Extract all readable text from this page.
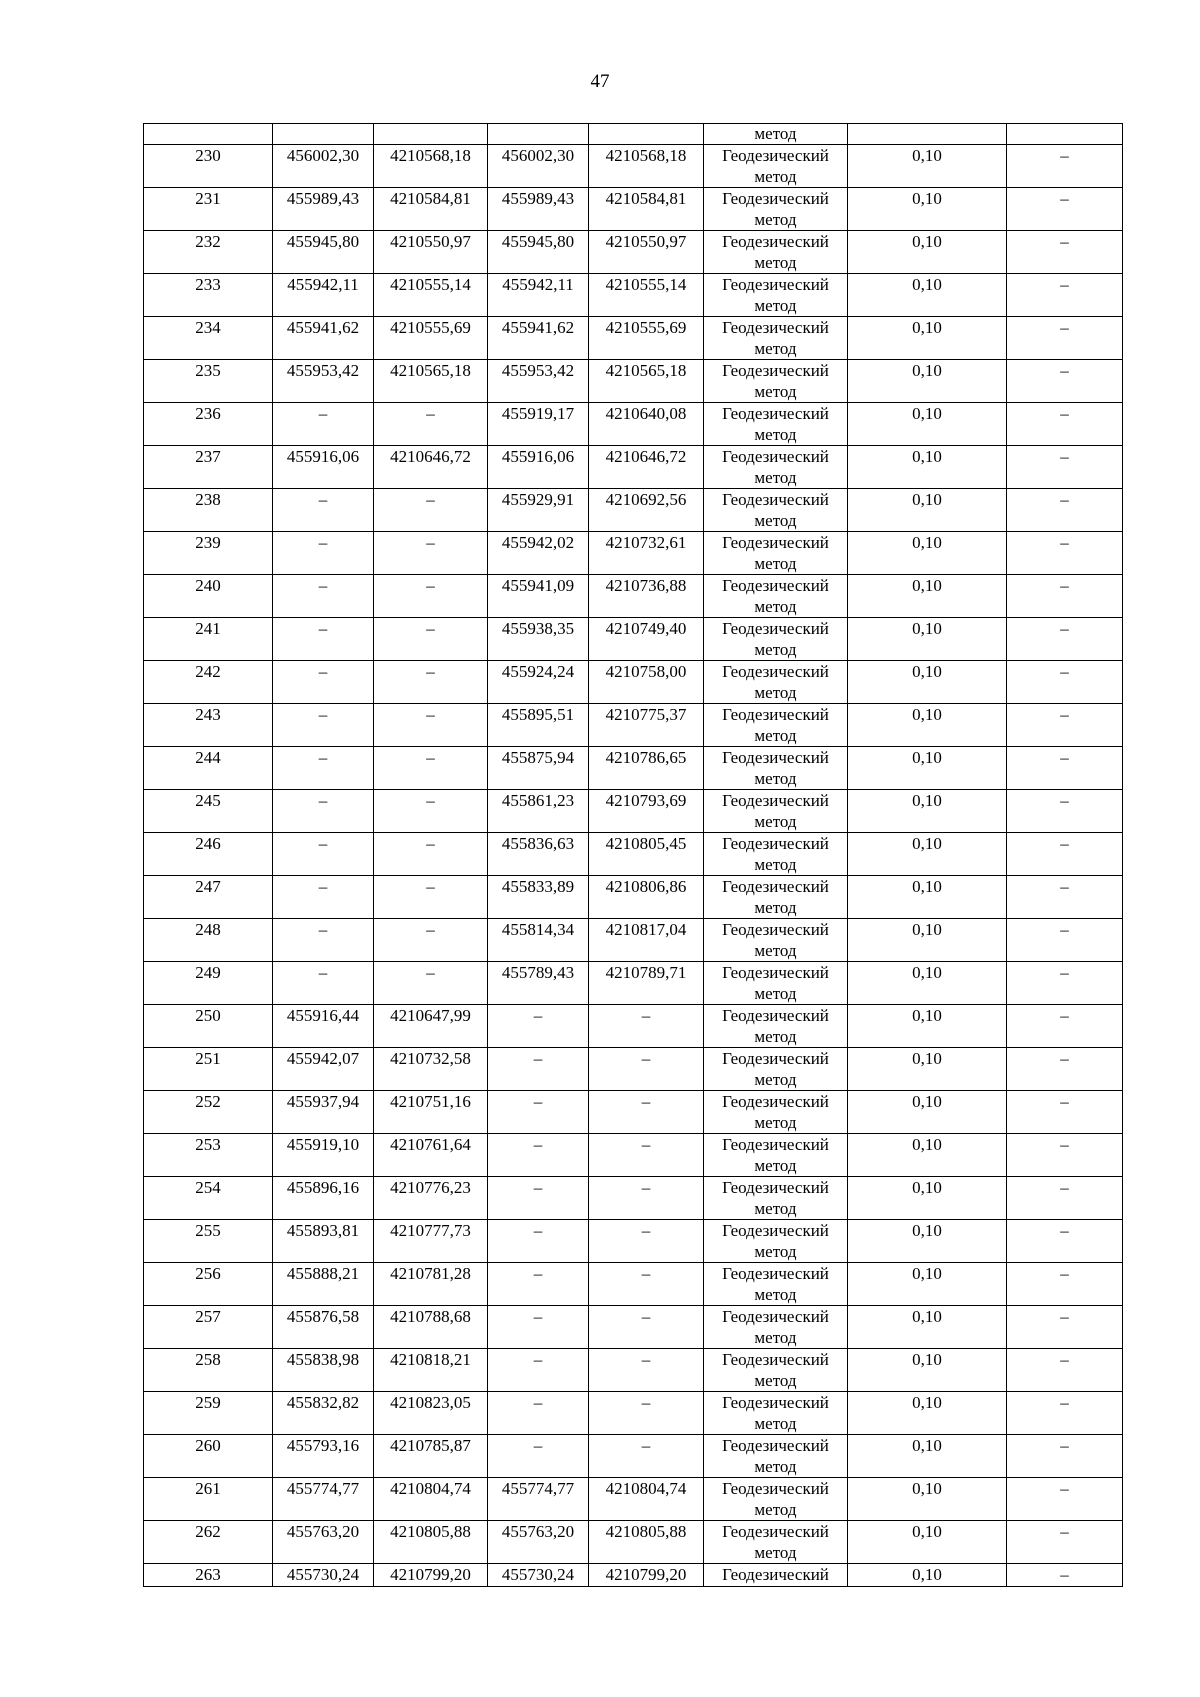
47
					метод		
230	456002,30	4210568,18	456002,30	4210568,18	Геодезический метод	0,10	–
231	455989,43	4210584,81	455989,43	4210584,81	Геодезический метод	0,10	–
232	455945,80	4210550,97	455945,80	4210550,97	Геодезический метод	0,10	–
233	455942,11	4210555,14	455942,11	4210555,14	Геодезический метод	0,10	–
234	455941,62	4210555,69	455941,62	4210555,69	Геодезический метод	0,10	–
235	455953,42	4210565,18	455953,42	4210565,18	Геодезический метод	0,10	–
236	–	–	455919,17	4210640,08	Геодезический метод	0,10	–
237	455916,06	4210646,72	455916,06	4210646,72	Геодезический метод	0,10	–
238	–	–	455929,91	4210692,56	Геодезический метод	0,10	–
239	–	–	455942,02	4210732,61	Геодезический метод	0,10	–
240	–	–	455941,09	4210736,88	Геодезический метод	0,10	–
241	–	–	455938,35	4210749,40	Геодезический метод	0,10	–
242	–	–	455924,24	4210758,00	Геодезический метод	0,10	–
243	–	–	455895,51	4210775,37	Геодезический метод	0,10	–
244	–	–	455875,94	4210786,65	Геодезический метод	0,10	–
245	–	–	455861,23	4210793,69	Геодезический метод	0,10	–
246	–	–	455836,63	4210805,45	Геодезический метод	0,10	–
247	–	–	455833,89	4210806,86	Геодезический метод	0,10	–
248	–	–	455814,34	4210817,04	Геодезический метод	0,10	–
249	–	–	455789,43	4210789,71	Геодезический метод	0,10	–
250	455916,44	4210647,99	–	–	Геодезический метод	0,10	–
251	455942,07	4210732,58	–	–	Геодезический метод	0,10	–
252	455937,94	4210751,16	–	–	Геодезический метод	0,10	–
253	455919,10	4210761,64	–	–	Геодезический метод	0,10	–
254	455896,16	4210776,23	–	–	Геодезический метод	0,10	–
255	455893,81	4210777,73	–	–	Геодезический метод	0,10	–
256	455888,21	4210781,28	–	–	Геодезический метод	0,10	–
257	455876,58	4210788,68	–	–	Геодезический метод	0,10	–
258	455838,98	4210818,21	–	–	Геодезический метод	0,10	–
259	455832,82	4210823,05	–	–	Геодезический метод	0,10	–
260	455793,16	4210785,87	–	–	Геодезический метод	0,10	–
261	455774,77	4210804,74	455774,77	4210804,74	Геодезический метод	0,10	–
262	455763,20	4210805,88	455763,20	4210805,88	Геодезический метод	0,10	–
263	455730,24	4210799,20	455730,24	4210799,20	Геодезический	0,10	–
